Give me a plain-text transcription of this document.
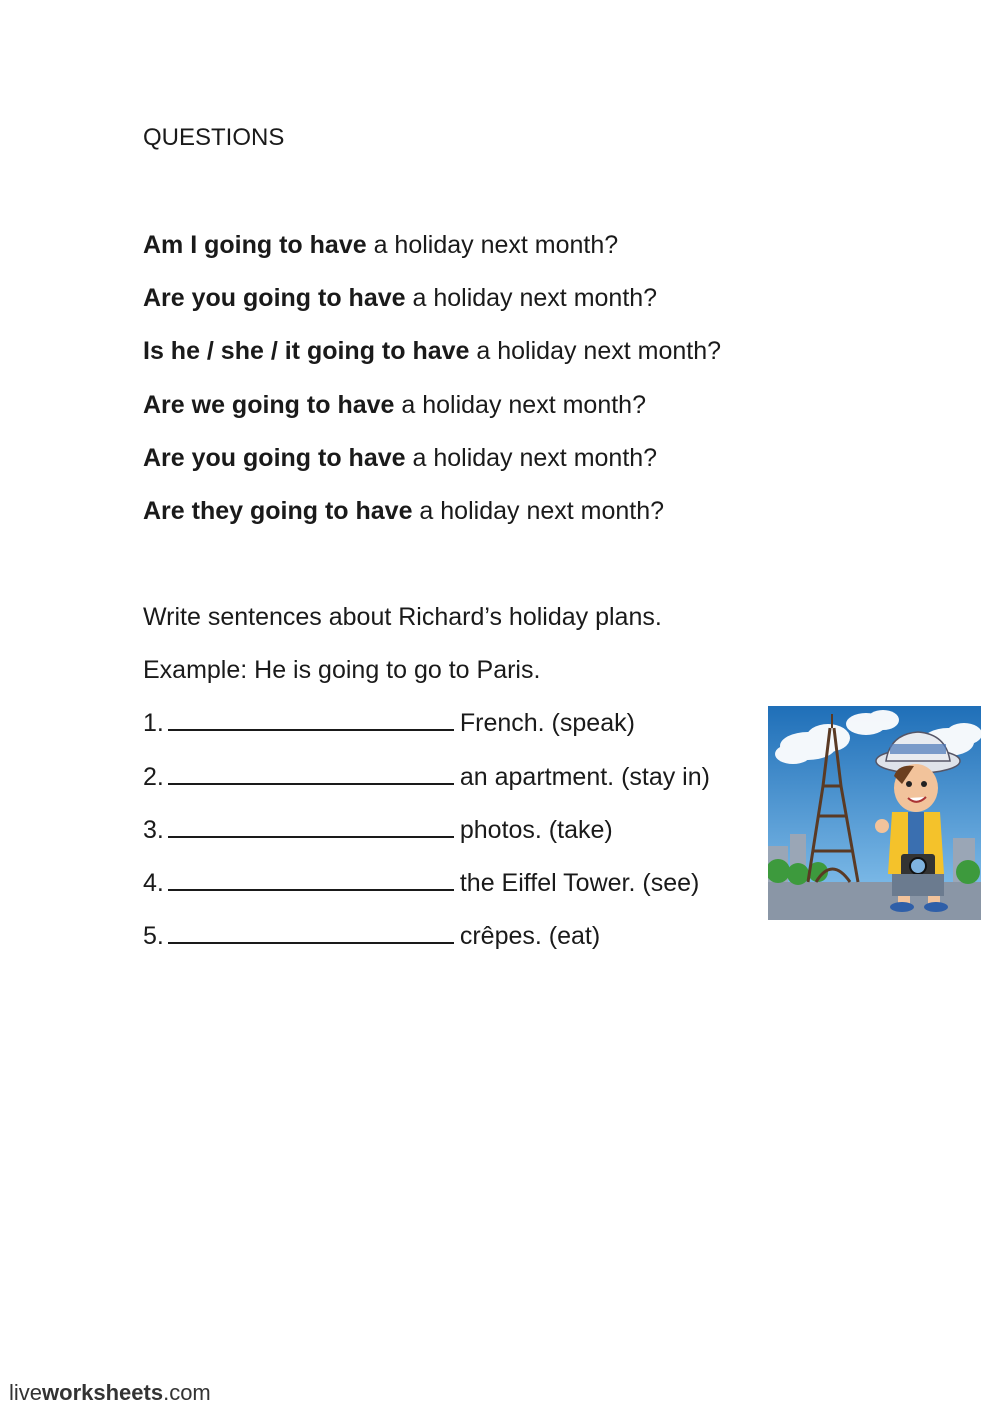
QUESTIONS
Am I going to have a holiday next month?
Are you going to have a holiday next month?
Is he / she / it going to have a holiday next month?
Are we going to have a holiday next month?
Are you going to have a holiday next month?
Are they going to have a holiday next month?
Write sentences about Richard’s holiday plans.
Example: He is going to go to Paris.
1.	French. (speak)
2.	an apartment. (stay in)
3.	photos. (take)
4.	the Eiffel Tower. (see)
5.	crêpes. (eat)
liveworksheets.com
